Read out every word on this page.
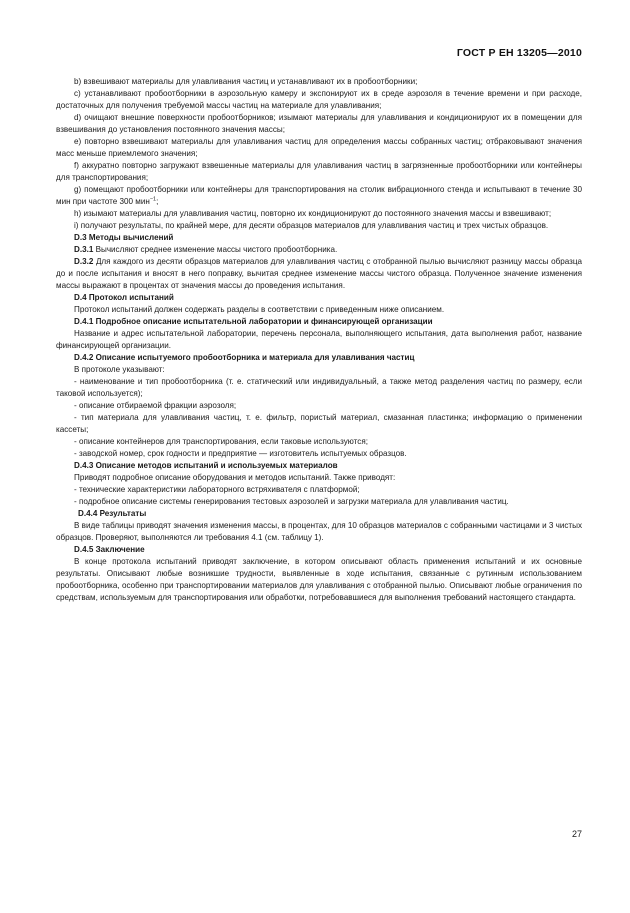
ГОСТ Р ЕН 13205—2010

b) взвешивают материалы для улавливания частиц и устанавливают их в пробоотборники;

c) устанавливают пробоотборники в аэрозольную камеру и экспонируют их в среде аэрозоля в течение времени и при расходе, достаточных для получения требуемой массы частиц на материале для улавливания;

d) очищают внешние поверхности пробоотборников; изымают материалы для улавливания и кондиционируют их в помещении для взвешивания до установления постоянного значения массы;

e) повторно взвешивают материалы для улавливания частиц для определения массы собранных частиц; отбраковывают значения масс меньше приемлемого значения;

f) аккуратно повторно загружают взвешенные материалы для улавливания частиц в загрязненные пробоотборники или контейнеры для транспортирования;

g) помещают пробоотборники или контейнеры для транспортирования на столик вибрационного стенда и испытывают в течение 30 мин при частоте 300 мин$^{-1}$;

h) изымают материалы для улавливания частиц, повторно их кондиционируют до постоянного значения массы и взвешивают;

i) получают результаты, по крайней мере, для десяти образцов материалов для улавливания частиц и трех чистых образцов.

D.3 Методы вычислений

D.3.1 Вычисляют среднее изменение массы чистого пробоотборника.

D.3.2 Для каждого из десяти образцов материалов для улавливания частиц с отобранной пылью вычисляют разницу массы образца до и после испытания и вносят в него поправку, вычитая среднее изменение массы чистого образца. Полученное значение изменения массы выражают в процентах от значения массы до проведения испытания.

D.4 Протокол испытаний

Протокол испытаний должен содержать разделы в соответствии с приведенным ниже описанием.

D.4.1 Подробное описание испытательной лаборатории и финансирующей организации

Название и адрес испытательной лаборатории, перечень персонала, выполняющего испытания, дата выполнения работ, название финансирующей организации.

D.4.2 Описание испытуемого пробоотборника и материала для улавливания частиц

В протоколе указывают:

- наименование и тип пробоотборника (т. е. статический или индивидуальный, а также метод разделения частиц по размеру, если таковой используется);

- описание отбираемой фракции аэрозоля;

- тип материала для улавливания частиц, т. е. фильтр, пористый материал, смазанная пластинка; информацию о применении кассеты;

- описание контейнеров для транспортирования, если таковые используются;

- заводской номер, срок годности и предприятие — изготовитель испытуемых образцов.

D.4.3 Описание методов испытаний и используемых материалов

Приводят подробное описание оборудования и методов испытаний. Также приводят:

- технические характеристики лабораторного встряхивателя с платформой;

- подробное описание системы генерирования тестовых аэрозолей и загрузки материала для улавливания частиц.

D.4.4 Результаты

В виде таблицы приводят значения изменения массы, в процентах, для 10 образцов материалов с собранными частицами и 3 чистых образцов. Проверяют, выполняются ли требования 4.1 (см. таблицу 1).

D.4.5 Заключение

В конце протокола испытаний приводят заключение, в котором описывают область применения испытаний и их основные результаты. Описывают любые возникшие трудности, выявленные в ходе испытания, связанные с рутинным использованием пробоотборника, особенно при транспортировании материалов для улавливания с отобранной пылью. Описывают любые ограничения по средствам, используемым для транспортирования или обработки, потребовавшиеся для выполнения требований настоящего стандарта.

27
